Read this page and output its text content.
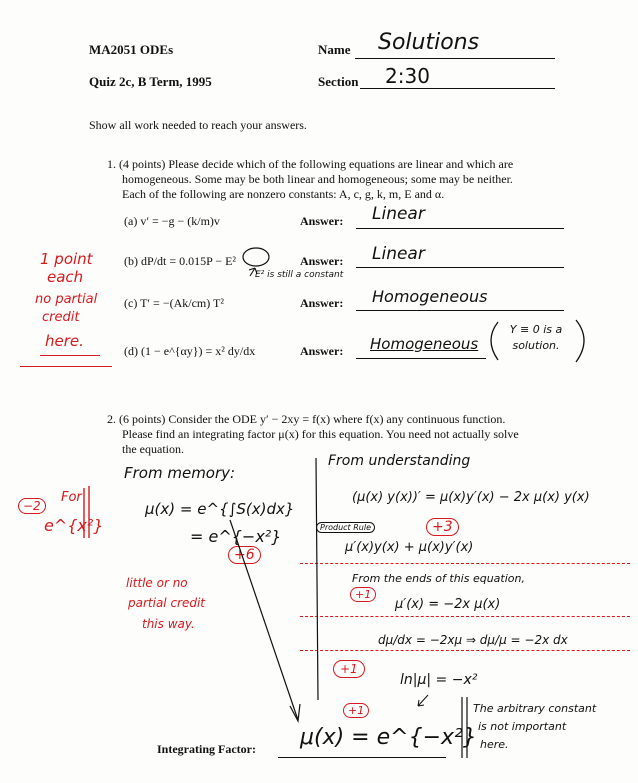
MA2051 ODEs
Quiz 2c, B Term, 1995
Name Solutions
Section 2:30
Show all work needed to reach your answers.
1. (4 points) Please decide which of the following equations are linear and which are
homogeneous. Some may be both linear and homogeneous; some may be neither.
Each of the following are nonzero constants: A, c, g, k, m, E and α.
(a) v′ = −g − (k/m)v	Answer: Linear
(b) dP/dt = 0.015P − E²
E² is still a constant
Answer: Linear
(c) T′ = −(Ak/cm) T²	Answer: Homogeneous
(d) (1 − e^{αy}) = x² dy/dx	Answer: Homogeneous
Y ≡ 0 is a solution.
1 point
each
no partial
credit
here.
2. (6 points) Consider the ODE y′ − 2xy = f(x) where f(x) any continuous function.
Please find an integrating factor μ(x) for this equation. You need not actually solve
the equation.
From memory:
μ(x) = e^{∫S(x)dx}
= e^{−x²}
+6
little or no
partial credit
this way.
−2
For
e^{x²}
From understanding
(μ(x) y(x))′ = μ(x)y′(x) − 2x μ(x) y(x)
Product Rule	+3
μ′(x)y(x) + μ(x)y′(x)
From the ends of this equation,
+1
μ′(x) = −2x μ(x)
dμ/dx = −2xμ ⇒ dμ/μ = −2x dx
+1
ln|μ| = −x²
+1	The arbitrary constant
is not important
here.
Integrating Factor: μ(x) = e^{−x²}
